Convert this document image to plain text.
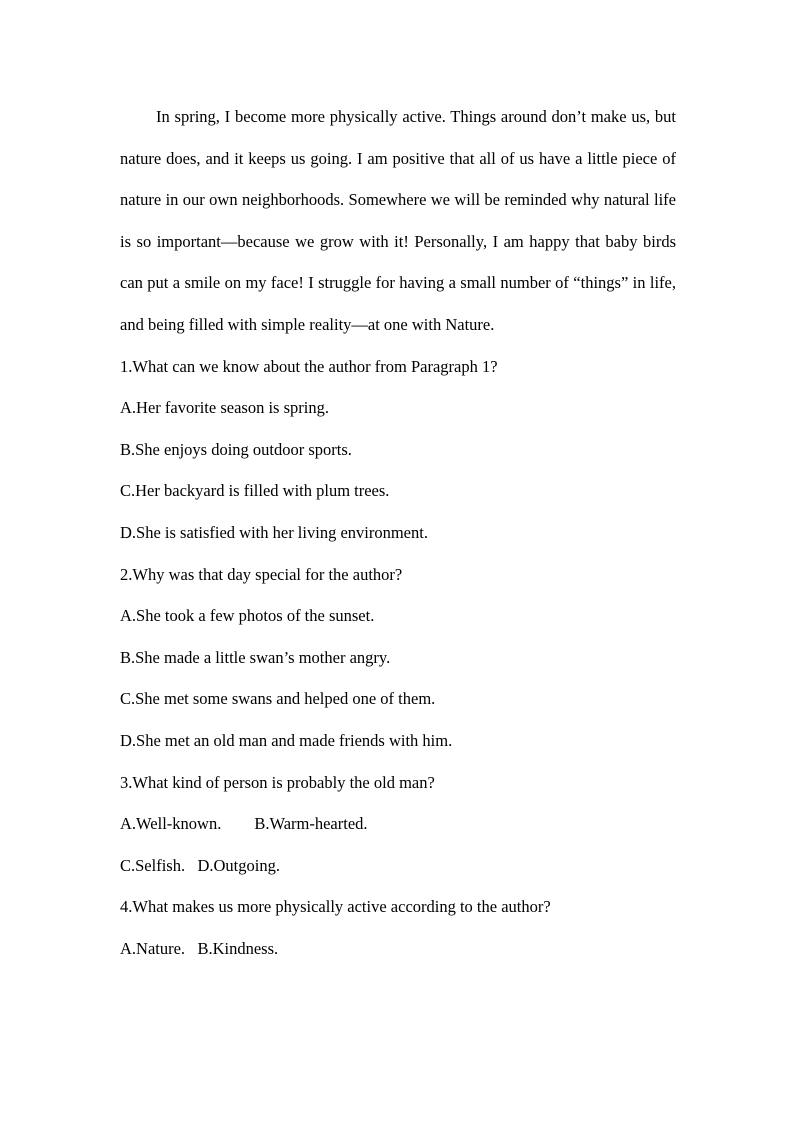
In spring, I become more physically active. Things around don’t make us, but nature does, and it keeps us going. I am positive that all of us have a little piece of nature in our own neighborhoods. Somewhere we will be reminded why natural life is so important—because we grow with it! Personally, I am happy that baby birds can put a smile on my face! I struggle for having a small number of “things” in life, and being filled with simple reality—at one with Nature.

1.What can we know about the author from Paragraph 1?

A.Her favorite season is spring.

B.She enjoys doing outdoor sports.

C.Her backyard is filled with plum trees.

D.She is satisfied with her living environment.

2.Why was that day special for the author?

A.She took a few photos of the sunset.

B.She made a little swan’s mother angry.

C.She met some swans and helped one of them.

D.She met an old man and made friends with him.

3.What kind of person is probably the old man?

A.Well-known. B.Warm-hearted.

C.Selfish. D.Outgoing.

4.What makes us more physically active according to the author?

A.Nature. B.Kindness.
